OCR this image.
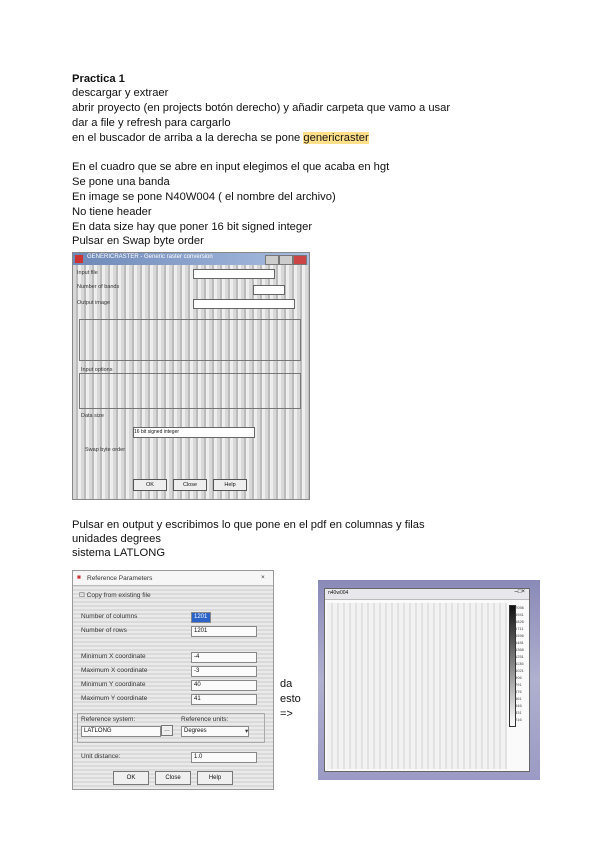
Practica 1
descargar y extraer
abrir proyecto (en projects botón derecho) y añadir carpeta que vamo a usar
dar a file y refresh para cargarlo
en el buscador de arriba a la derecha se pone genericraster
En el cuadro que se abre en input elegimos el que acaba en hgt
Se pone una banda
En image se pone N40W004 ( el nombre del archivo)
No tiene header
En data size hay que poner 16 bit signed integer
Pulsar en Swap byte order
GENERICRASTER - Generic raster conversion
Input file
Number of bands
Output image
Input options
Data size
16 bit signed integer
Swap byte order
OK	Close	Help
Pulsar en output y escribimos lo que pone en el pdf en columnas y filas
unidades degrees
sistema LATLONG
■ Reference Parameters	×
☐ Copy from existing file
Number of columns	1201
Number of rows	1201
Minimum X coordinate	-4
Maximum X coordinate	-3
Minimum Y coordinate	40
Maximum Y coordinate	41
Reference system:
LATLONG	…
Reference units:
Degrees	▾
Unit distance:	1.0
OK	Close	Help
da
esto
=>
n40w004	–□×
2056
1941
1826
1711
1596
1481
1366
1251
1136
1021
906
791
676
561
446
331
216
